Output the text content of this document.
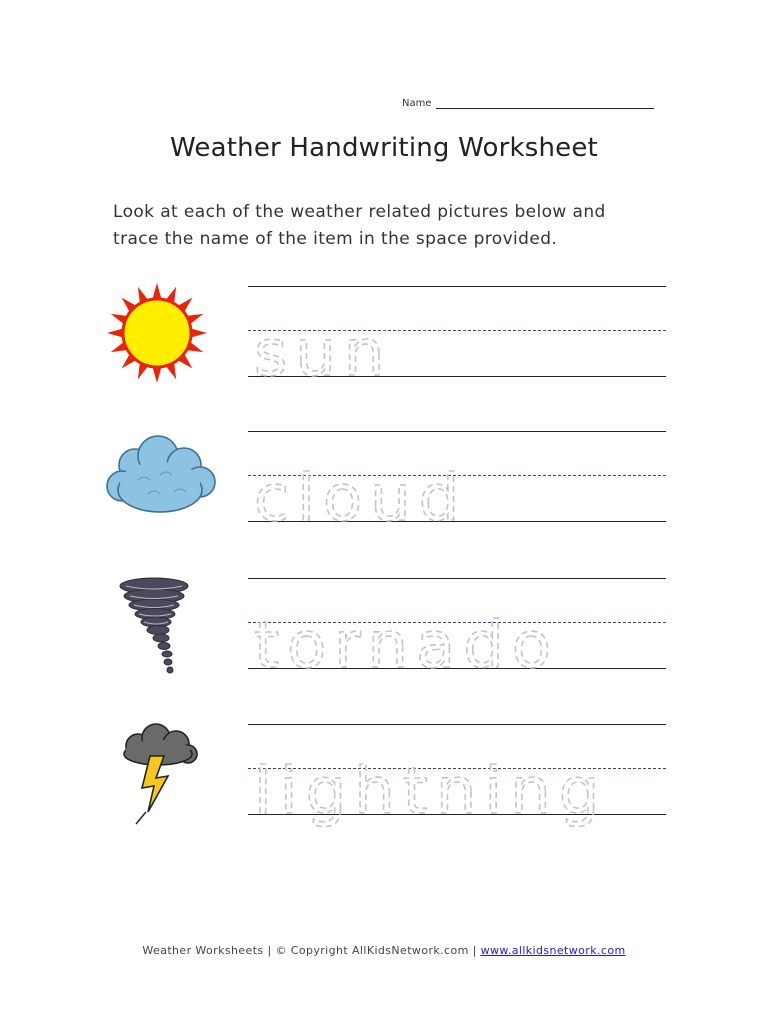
Name
Weather Handwriting Worksheet
Look at each of the weather related pictures below and
trace the name of the item in the space provided.
sun
cloud
tornado
lightning
Weather Worksheets | © Copyright AllKidsNetwork.com | www.allkidsnetwork.com
